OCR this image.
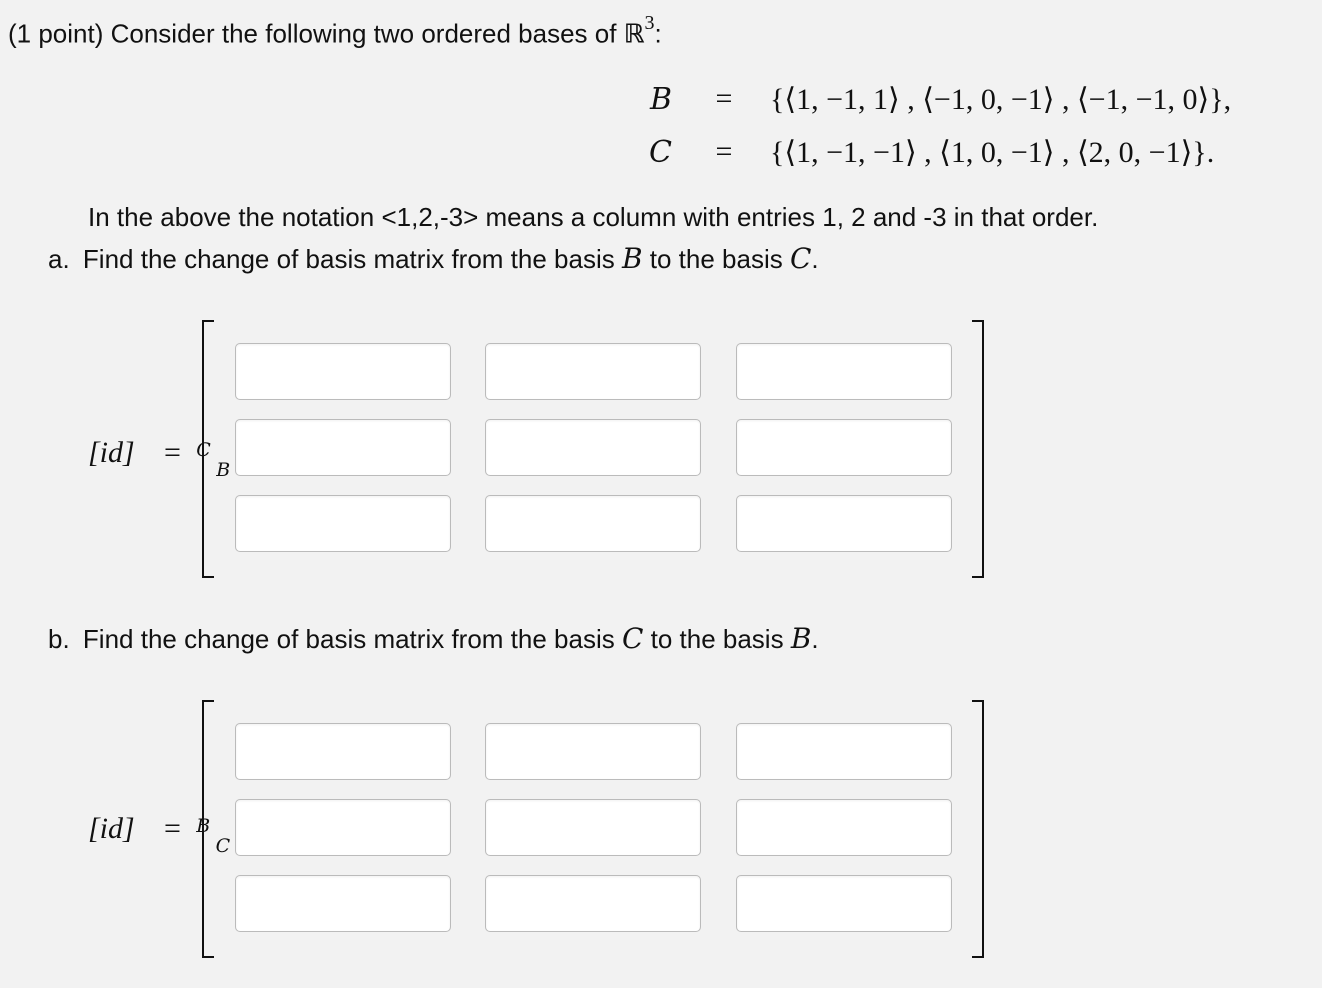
(1 point) Consider the following two ordered bases of ℝ$^3$:
B	=	{⟨1, −1, 1⟩ , ⟨−1, 0, −1⟩ , ⟨−1, −1, 0⟩},
C	=	{⟨1, −1, −1⟩ , ⟨1, 0, −1⟩ , ⟨2, 0, −1⟩}.
In the above the notation <1,2,-3> means a column with entries 1, 2 and -3 in that order.
a. Find the change of basis matrix from the basis B to the basis C.
[id]	$^C$ $_B$
=
b. Find the change of basis matrix from the basis C to the basis B.
[id]	$^B$ $_C$
=
